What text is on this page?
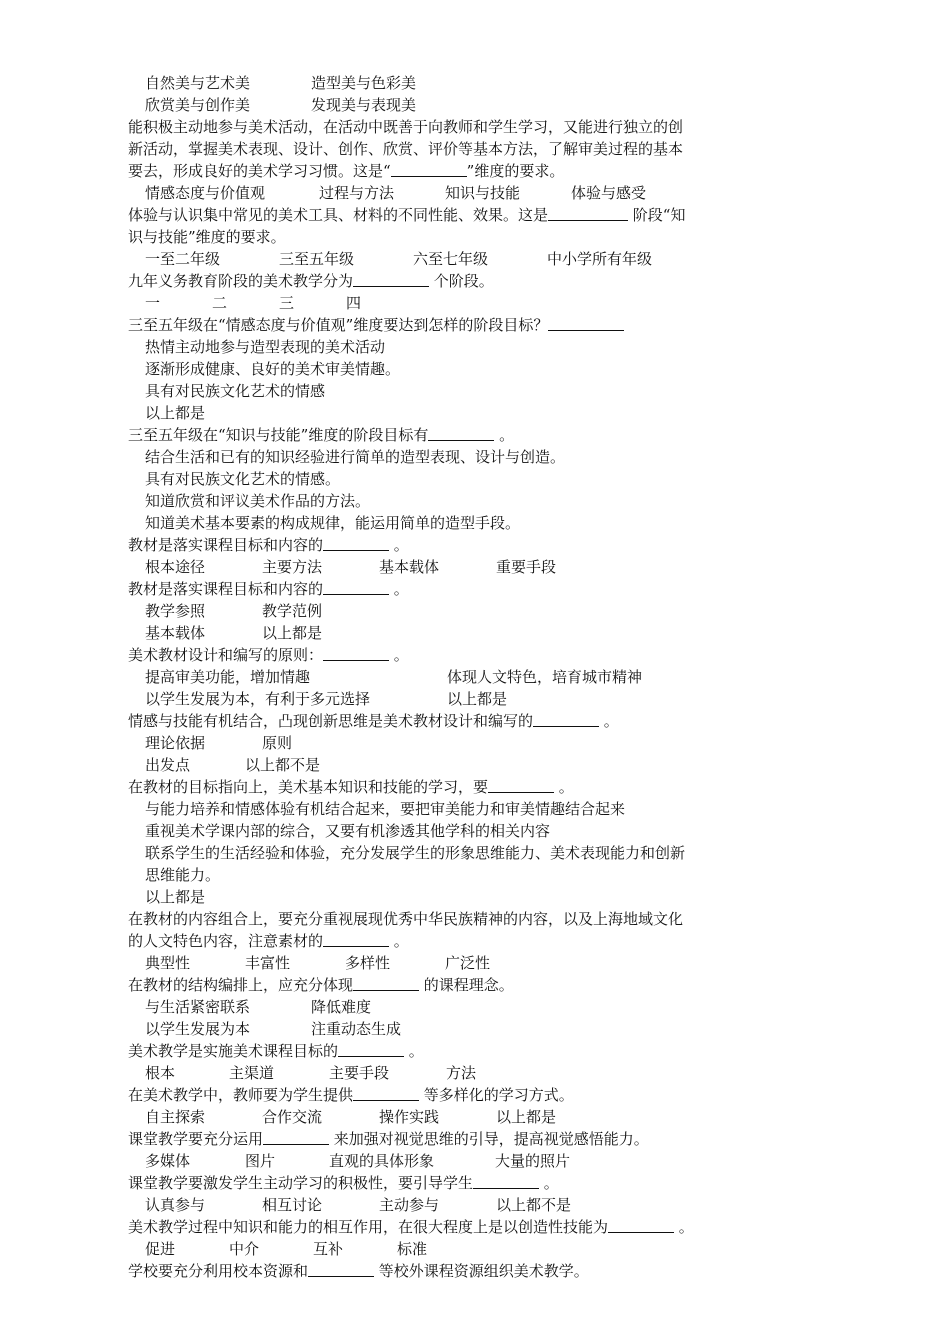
自然美与艺术美	造型美与色彩美
欣赏美与创作美	发现美与表现美
能积极主动地参与美术活动，在活动中既善于向教师和学生学习，又能进行独立的创
新活动，掌握美术表现、设计、创作、欣赏、评价等基本方法，了解审美过程的基本
要去，形成良好的美术学习习惯。这是“	”维度的要求。
情感态度与价值观	过程与方法	知识与技能	体验与感受
体验与认识集中常见的美术工具、材料的不同性能、效果。这是	阶段“知
识与技能”维度的要求。
一至二年级	三至五年级	六至七年级	中小学所有年级
九年义务教育阶段的美术教学分为	个阶段。
一	二	三	四
三至五年级在“情感态度与价值观”维度要达到怎样的阶段目标？
热情主动地参与造型表现的美术活动
逐渐形成健康、良好的美术审美情趣。
具有对民族文化艺术的情感
以上都是
三至五年级在“知识与技能”维度的阶段目标有	。
结合生活和已有的知识经验进行简单的造型表现、设计与创造。
具有对民族文化艺术的情感。
知道欣赏和评议美术作品的方法。
知道美术基本要素的构成规律，能运用简单的造型手段。
教材是落实课程目标和内容的	。
根本途径	主要方法	基本载体	重要手段
教材是落实课程目标和内容的	。
教学参照	教学范例
基本载体	以上都是
美术教材设计和编写的原则：	。
提高审美功能，增加情趣	体现人文特色，培育城市精神
以学生发展为本，有利于多元选择	以上都是
情感与技能有机结合，凸现创新思维是美术教材设计和编写的	。
理论依据	原则
出发点	以上都不是
在教材的目标指向上，美术基本知识和技能的学习，要	。
与能力培养和情感体验有机结合起来，要把审美能力和审美情趣结合起来
重视美术学课内部的综合，又要有机渗透其他学科的相关内容
联系学生的生活经验和体验，充分发展学生的形象思维能力、美术表现能力和创新
思维能力。
以上都是
在教材的内容组合上，要充分重视展现优秀中华民族精神的内容，以及上海地域文化
的人文特色内容，注意素材的	。
典型性	丰富性	多样性	广泛性
在教材的结构编排上，应充分体现	的课程理念。
与生活紧密联系	降低难度
以学生发展为本	注重动态生成
美术教学是实施美术课程目标的	。
根本	主渠道	主要手段	方法
在美术教学中，教师要为学生提供	等多样化的学习方式。
自主探索	合作交流	操作实践	以上都是
课堂教学要充分运用	来加强对视觉思维的引导，提高视觉感悟能力。
多媒体	图片	直观的具体形象	大量的照片
课堂教学要激发学生主动学习的积极性，要引导学生	。
认真参与	相互讨论	主动参与	以上都不是
美术教学过程中知识和能力的相互作用，在很大程度上是以创造性技能为	。
促进	中介	互补	标准
学校要充分利用校本资源和	等校外课程资源组织美术教学。
